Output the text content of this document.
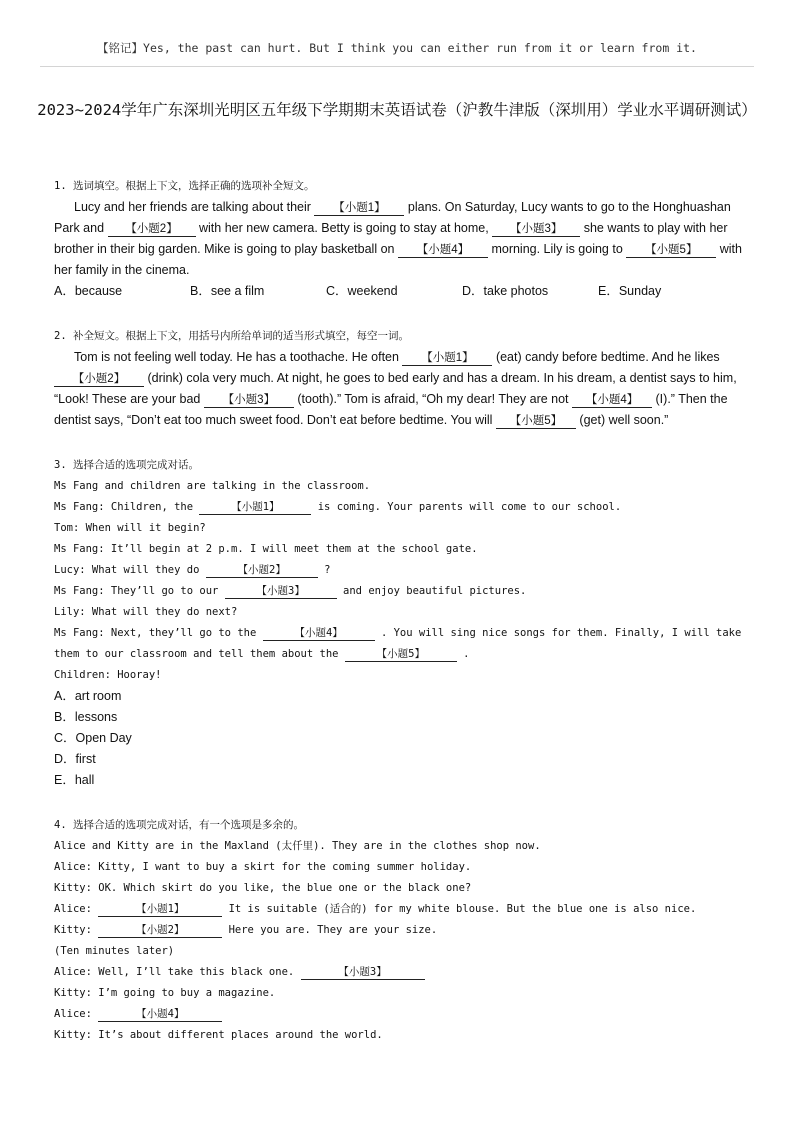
【铭记】Yes, the past can hurt. But I think you can either run from it or learn from it.
2023~2024学年广东深圳光明区五年级下学期期末英语试卷（沪教牛津版（深圳用）学业水平调研测试）
1. 选词填空。根据上下文，选择正确的选项补全短文。
Lucy and her friends are talking about their 【小题1】 plans. On Saturday, Lucy wants to go to the Honghuashan Park and 【小题2】 with her new camera. Betty is going to stay at home, 【小题3】 she wants to play with her brother in their big garden. Mike is going to play basketball on 【小题4】 morning. Lily is going to 【小题5】 with her family in the cinema.
A．because	B．see a film	C．weekend	D．take photos	E．Sunday
2. 补全短文。根据上下文，用括号内所给单词的适当形式填空，每空一词。
Tom is not feeling well today. He has a toothache. He often 【小题1】 (eat) candy before bedtime. And he likes 【小题2】 (drink) cola very much. At night, he goes to bed early and has a dream. In his dream, a dentist says to him, “Look! These are your bad 【小题3】 (tooth).” Tom is afraid, “Oh my dear! They are not 【小题4】 (I).” Then the dentist says, “Don’t eat too much sweet food. Don’t eat before bedtime. You will 【小题5】 (get) well soon.”
3. 选择合适的选项完成对话。
Ms Fang and children are talking in the classroom.
Ms Fang: Children, the	【小题1】	is coming. Your parents will come to our school.
Tom: When will it begin?
Ms Fang: It’ll begin at 2 p.m. I will meet them at the school gate.
Lucy: What will they do	【小题2】	?
Ms Fang: They’ll go to our	【小题3】	and enjoy beautiful pictures.
Lily: What will they do next?
Ms Fang: Next, they’ll go to the	【小题4】	. You will sing nice songs for them. Finally, I will take them to our classroom and tell them about the	【小题5】	.
Children: Hooray!
A．art room
B．lessons
C．Open Day
D．first
E．hall
4. 选择合适的选项完成对话，有一个选项是多余的。
Alice and Kitty are in the Maxland (太仟里). They are in the clothes shop now.
Alice: Kitty, I want to buy a skirt for the coming summer holiday.
Kitty: OK. Which skirt do you like, the blue one or the black one?
Alice:	【小题1】	It is suitable (适合的) for my white blouse. But the blue one is also nice.
Kitty:	【小题2】	Here you are. They are your size.
(Ten minutes later)
Alice: Well, I’ll take this black one.	【小题3】
Kitty: I’m going to buy a magazine.
Alice:	【小题4】
Kitty: It’s about different places around the world.
